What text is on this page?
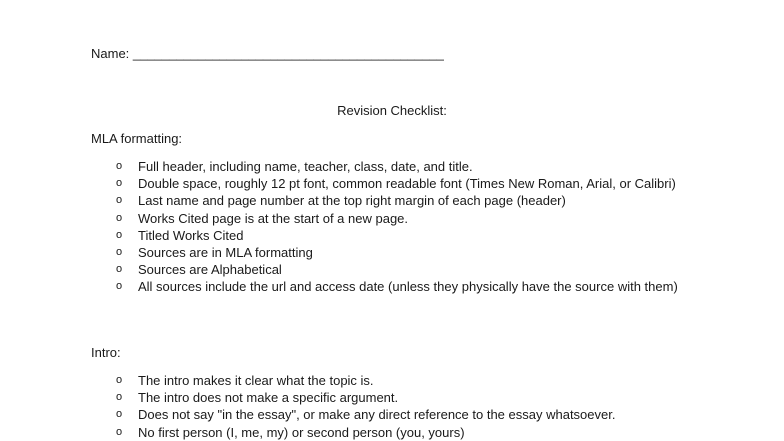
Name: ___________________________________________
Revision Checklist:
MLA formatting:
o Full header, including name, teacher, class, date, and title.
o Double space, roughly 12 pt font, common readable font (Times New Roman, Arial, or Calibri)
o Last name and page number at the top right margin of each page (header)
o Works Cited page is at the start of a new page.
o Titled Works Cited
o Sources are in MLA formatting
o Sources are Alphabetical
o All sources include the url and access date (unless they physically have the source with them)
Intro:
o The intro makes it clear what the topic is.
o The intro does not make a specific argument.
o Does not say "in the essay", or make any direct reference to the essay whatsoever.
o No first person (I, me, my) or second person (you, yours)
